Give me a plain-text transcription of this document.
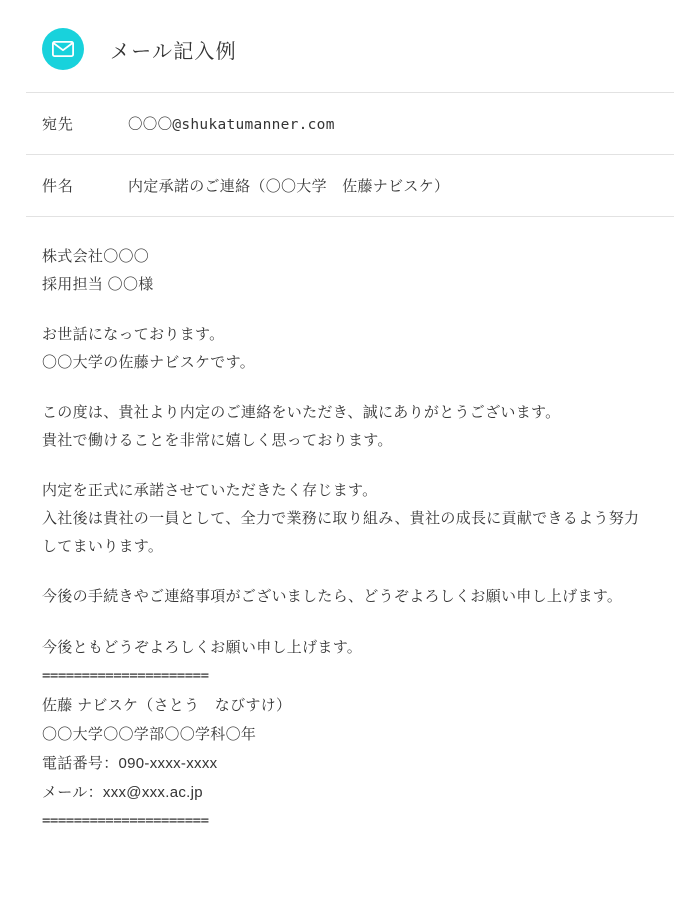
メール記入例
宛先	〇〇〇@shukatumanner.com
件名	内定承諾のご連絡（〇〇大学　佐藤ナビスケ）

株式会社〇〇〇
採用担当 〇〇様

お世話になっております。
〇〇大学の佐藤ナビスケです。

この度は、貴社より内定のご連絡をいただき、誠にありがとうございます。
貴社で働けることを非常に嬉しく思っております。

内定を正式に承諾させていただきたく存じます。
入社後は貴社の一員として、全力で業務に取り組み、貴社の成長に貢献できるよう努力してまいります。

今後の手続きやご連絡事項がございましたら、どうぞよろしくお願い申し上げます。

今後ともどうぞよろしくお願い申し上げます。
=====================
佐藤 ナビスケ（さとう　なびすけ）
〇〇大学〇〇学部〇〇学科〇年
電話番号：090-xxxx-xxxx
メール：xxx@xxx.ac.jp
=====================
